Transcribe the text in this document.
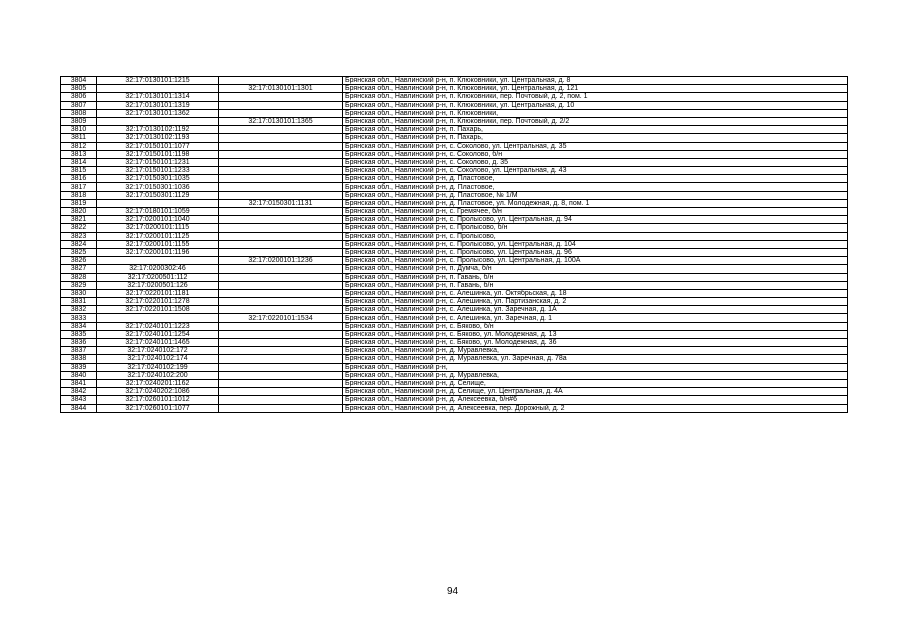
3804	32:17:0130101:1215		Брянская обл., Навлинский р-н, п. Клюковники, ул. Центральная, д. 8
3805		32:17:0130101:1301	Брянская обл., Навлинский р-н, п. Клюковники, ул. Центральная, д. 121
3806	32:17:0130101:1314		Брянская обл., Навлинский р-н, п. Клюковники, пер. Почтовый, д. 2, пом. 1
3807	32:17:0130101:1319		Брянская обл., Навлинский р-н, п. Клюковники, ул. Центральная, д. 10
3808	32:17:0130101:1362		Брянская обл., Навлинский р-н, п. Клюковники,
3809		32:17:0130101:1365	Брянская обл., Навлинский р-н, п. Клюковники, пер. Почтовый, д. 2/2
3810	32:17:0130102:1192		Брянская обл., Навлинский р-н, п. Пахарь,
3811	32:17:0130102:1193		Брянская обл., Навлинский р-н, п. Пахарь,
3812	32:17:0150101:1077		Брянская обл., Навлинский р-н, с. Соколово, ул. Центральная, д. 35
3813	32:17:0150101:1198		Брянская обл., Навлинский р-н, с. Соколово, б/н
3814	32:17:0150101:1231		Брянская обл., Навлинский р-н, с. Соколово, д. 35
3815	32:17:0150101:1233		Брянская обл., Навлинский р-н, с. Соколово, ул. Центральная, д. 43
3816	32:17:0150301:1035		Брянская обл., Навлинский р-н, д. Пластовое,
3817	32:17:0150301:1036		Брянская обл., Навлинский р-н, д. Пластовое,
3818	32:17:0150301:1129		Брянская обл., Навлинский р-н, д. Пластовое, № 1/М
3819		32:17:0150301:1131	Брянская обл., Навлинский р-н, д. Пластовое, ул. Молодежная, д. 8, пом. 1
3820	32:17:0180101:1059		Брянская обл., Навлинский р-н, с. Гремячее, б/н
3821	32:17:0200101:1040		Брянская обл., Навлинский р-н, с. Пролысово, ул. Центральная, д. 94
3822	32:17:0200101:1115		Брянская обл., Навлинский р-н, с. Пролысово, б/н
3823	32:17:0200101:1125		Брянская обл., Навлинский р-н, с. Пролысово,
3824	32:17:0200101:1155		Брянская обл., Навлинский р-н, с. Пролысово, ул. Центральная, д. 104
3825	32:17:0200101:1196		Брянская обл., Навлинский р-н, с. Пролысово, ул. Центральная, д. 96
3826		32:17:0200101:1236	Брянская обл., Навлинский р-н, с. Пролысово, ул. Центральная, д. 100А
3827	32:17:0200302:46		Брянская обл., Навлинский р-н, п. Думча, б/н
3828	32:17:0200501:112		Брянская обл., Навлинский р-н, п. Гавань, б/н
3829	32:17:0200501:126		Брянская обл., Навлинский р-н, п. Гавань, б/н
3830	32:17:0220101:1181		Брянская обл., Навлинский р-н, с. Алешинка, ул. Октябрьская, д. 18
3831	32:17:0220101:1278		Брянская обл., Навлинский р-н, с. Алешинка, ул. Партизанская, д. 2
3832	32:17:0220101:1508		Брянская обл., Навлинский р-н, с. Алешинка, ул. Заречная, д. 1А
3833		32:17:0220101:1534	Брянская обл., Навлинский р-н, с. Алешинка, ул. Заречная, д. 1
3834	32:17:0240101:1223		Брянская обл., Навлинский р-н, с. Бяково, б/н
3835	32:17:0240101:1254		Брянская обл., Навлинский р-н, с. Бяково, ул. Молодежная, д. 13
3836	32:17:0240101:1465		Брянская обл., Навлинский р-н, с. Бяково, ул. Молодежная, д. 36
3837	32:17:0240102:172		Брянская обл., Навлинский р-н, д. Муравлевка,
3838	32:17:0240102:174		Брянская обл., Навлинский р-н, д. Муравлевка, ул. Заречная, д. 78а
3839	32:17:0240102:199		Брянская обл., Навлинский р-н,
3840	32:17:0240102:200		Брянская обл., Навлинский р-н, д. Муравлевка,
3841	32:17:0240201:1162		Брянская обл., Навлинский р-н, д. Селище,
3842	32:17:0240202:1086		Брянская обл., Навлинский р-н, д. Селище, ул. Центральная, д. 4А
3843	32:17:0260101:1012		Брянская обл., Навлинский р-н, д. Алексеевка, б/н#6
3844	32:17:0260101:1077		Брянская обл., Навлинский р-н, д. Алексеевка, пер. Дорожный, д. 2
94
